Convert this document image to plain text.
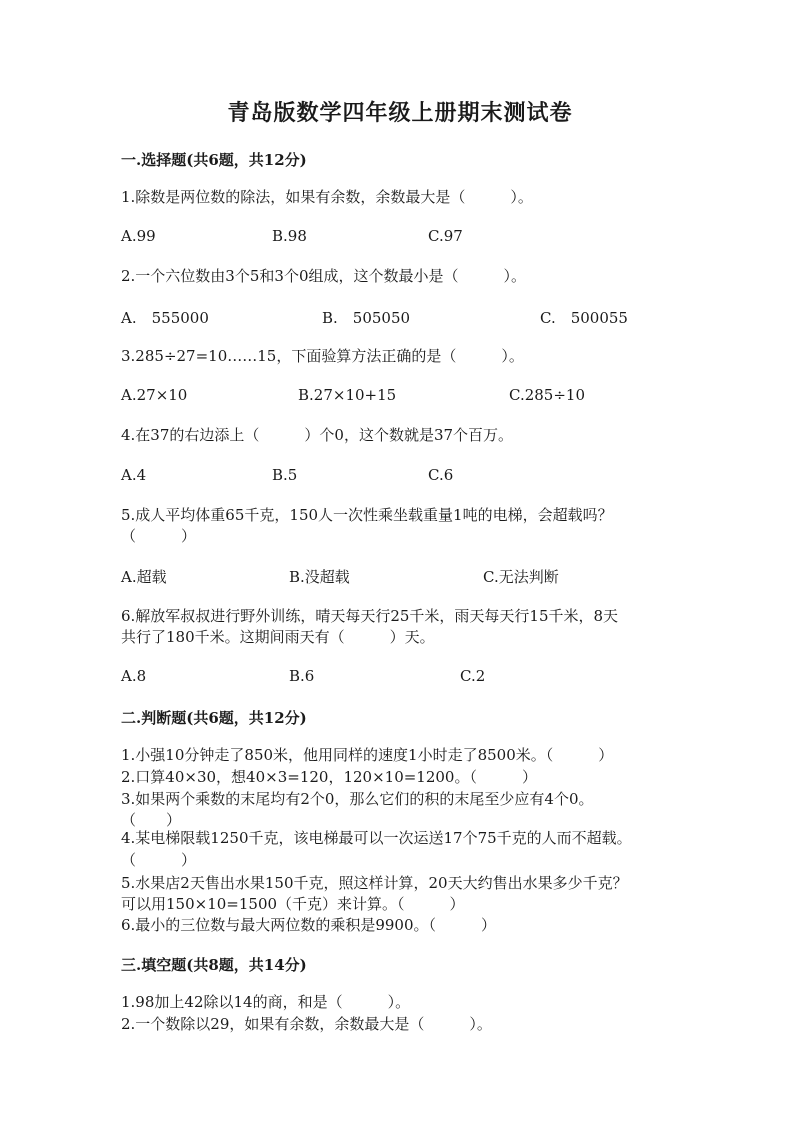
青岛版数学四年级上册期末测试卷
一.选择题(共6题，共12分)
1.除数是两位数的除法，如果有余数，余数最大是（　　　）。
A.99	B.98	C.97
2.一个六位数由3个5和3个0组成，这个数最小是（　　　）。
A.　555000	B.　505050	C.　500055
3.285÷27=10……15，下面验算方法正确的是（　　　）。
A.27×10	B.27×10+15	C.285÷10
4.在37的右边添上（　　　）个0，这个数就是37个百万。
A.4	B.5	C.6
5.成人平均体重65千克，150人一次性乘坐载重量1吨的电梯，会超载吗？
（　　　）
A.超载	B.没超载	C.无法判断
6.解放军叔叔进行野外训练，晴天每天行25千米，雨天每天行15千米，8天
共行了180千米。这期间雨天有（　　　）天。
A.8	B.6	C.2
二.判断题(共6题，共12分)
1.小强10分钟走了850米，他用同样的速度1小时走了8500米。（　　　）
2.口算40×30，想40×3=120，120×10=1200。（　　　）
3.如果两个乘数的末尾均有2个0，那么它们的积的末尾至少应有4个0。
（　　）
4.某电梯限载1250千克，该电梯最可以一次运送17个75千克的人而不超载。
（　　　）
5.水果店2天售出水果150千克，照这样计算，20天大约售出水果多少千克？
可以用150×10=1500（千克）来计算。（　　　）
6.最小的三位数与最大两位数的乘积是9900。（　　　）
三.填空题(共8题，共14分)
1.98加上42除以14的商，和是（　　　）。
2.一个数除以29，如果有余数，余数最大是（　　　）。
